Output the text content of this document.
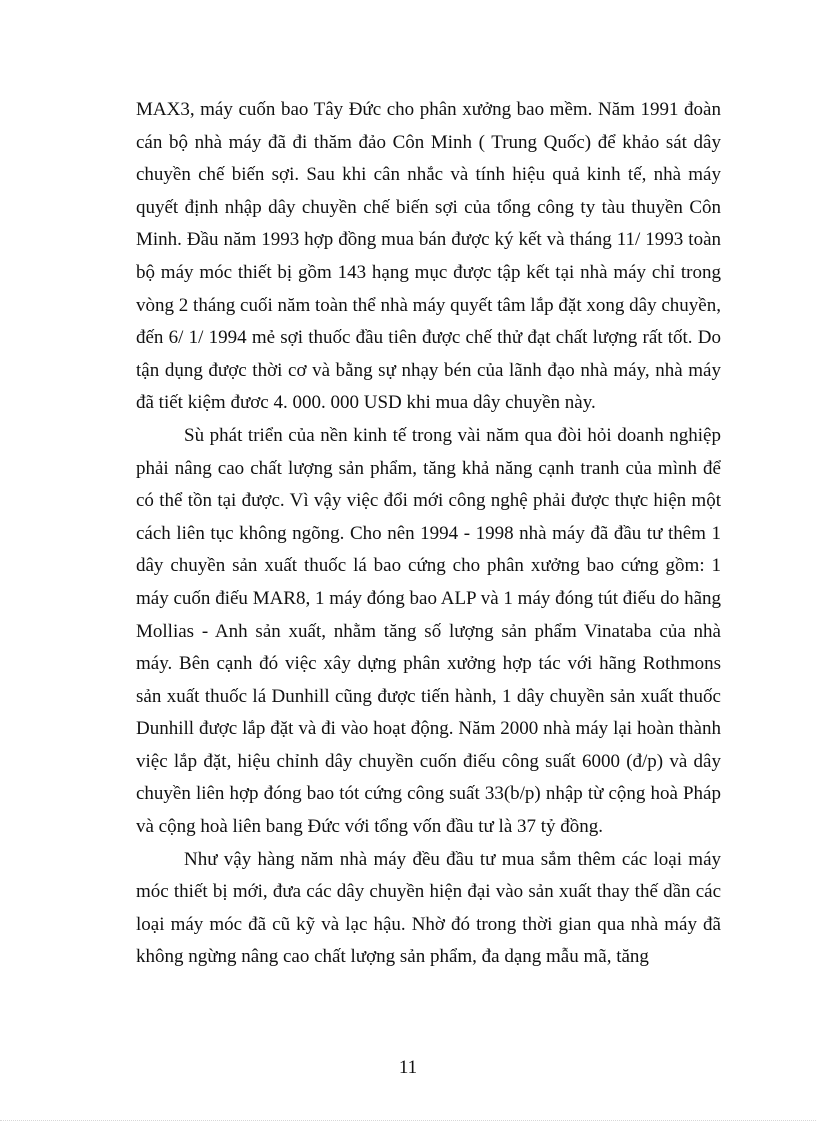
MAX3, máy cuốn bao Tây Đức cho phân xưởng bao mềm. Năm 1991 đoàn cán bộ nhà máy đã đi thăm đảo Côn Minh ( Trung Quốc) để khảo sát dây chuyền chế biến sợi. Sau khi cân nhắc và tính hiệu quả kinh tế, nhà máy quyết định nhập dây chuyền chế biến sợi của tổng công ty tàu thuyền Côn Minh. Đầu năm 1993 hợp đồng mua bán được ký kết và tháng 11/ 1993 toàn bộ máy móc thiết bị gồm 143 hạng mục được tập kết tại nhà máy chỉ trong vòng 2 tháng cuối năm toàn thể nhà máy quyết tâm lắp đặt xong dây chuyền, đến 6/ 1/ 1994 mẻ sợi thuốc đầu tiên được chế thử đạt chất lượng rất tốt. Do tận dụng được thời cơ và bằng sự nhạy bén của lãnh đạo nhà máy, nhà máy đã tiết kiệm đươc 4. 000. 000 USD khi mua dây chuyền này.

Sù phát triển của nền kinh tế trong vài năm qua đòi hỏi doanh nghiệp phải nâng cao chất lượng sản phẩm, tăng khả năng cạnh tranh của mình để có thể tồn tại được. Vì vậy việc đổi mới công nghệ phải được thực hiện một cách liên tục không ngõng. Cho nên 1994 - 1998 nhà máy đã đầu tư thêm 1 dây chuyền sản xuất thuốc lá bao cứng cho phân xưởng bao cứng gồm: 1 máy cuốn điếu MAR8, 1 máy đóng bao ALP và 1 máy đóng tút điếu do hãng Mollias - Anh sản xuất, nhằm tăng số lượng sản phẩm Vinataba của nhà máy. Bên cạnh đó việc xây dựng phân xưởng hợp tác với hãng Rothmons sản xuất thuốc lá Dunhill cũng được tiến hành, 1 dây chuyền sản xuất thuốc Dunhill được lắp đặt và đi vào hoạt động. Năm 2000 nhà máy lại hoàn thành việc lắp đặt, hiệu chỉnh dây chuyền cuốn điếu công suất 6000 (đ/p) và dây chuyền liên hợp đóng bao tót cứng công suất 33(b/p) nhập từ cộng hoà Pháp và cộng hoà liên bang Đức với tổng vốn đầu tư là 37 tỷ đồng.

Như vậy hàng năm nhà máy đều đầu tư mua sắm thêm các loại máy móc thiết bị mới, đưa các dây chuyền hiện đại vào sản xuất thay thế dần các loại máy móc đã cũ kỹ và lạc hậu. Nhờ đó trong thời gian qua nhà máy đã không ngừng nâng cao chất lượng sản phẩm, đa dạng mẫu mã, tăng

11
